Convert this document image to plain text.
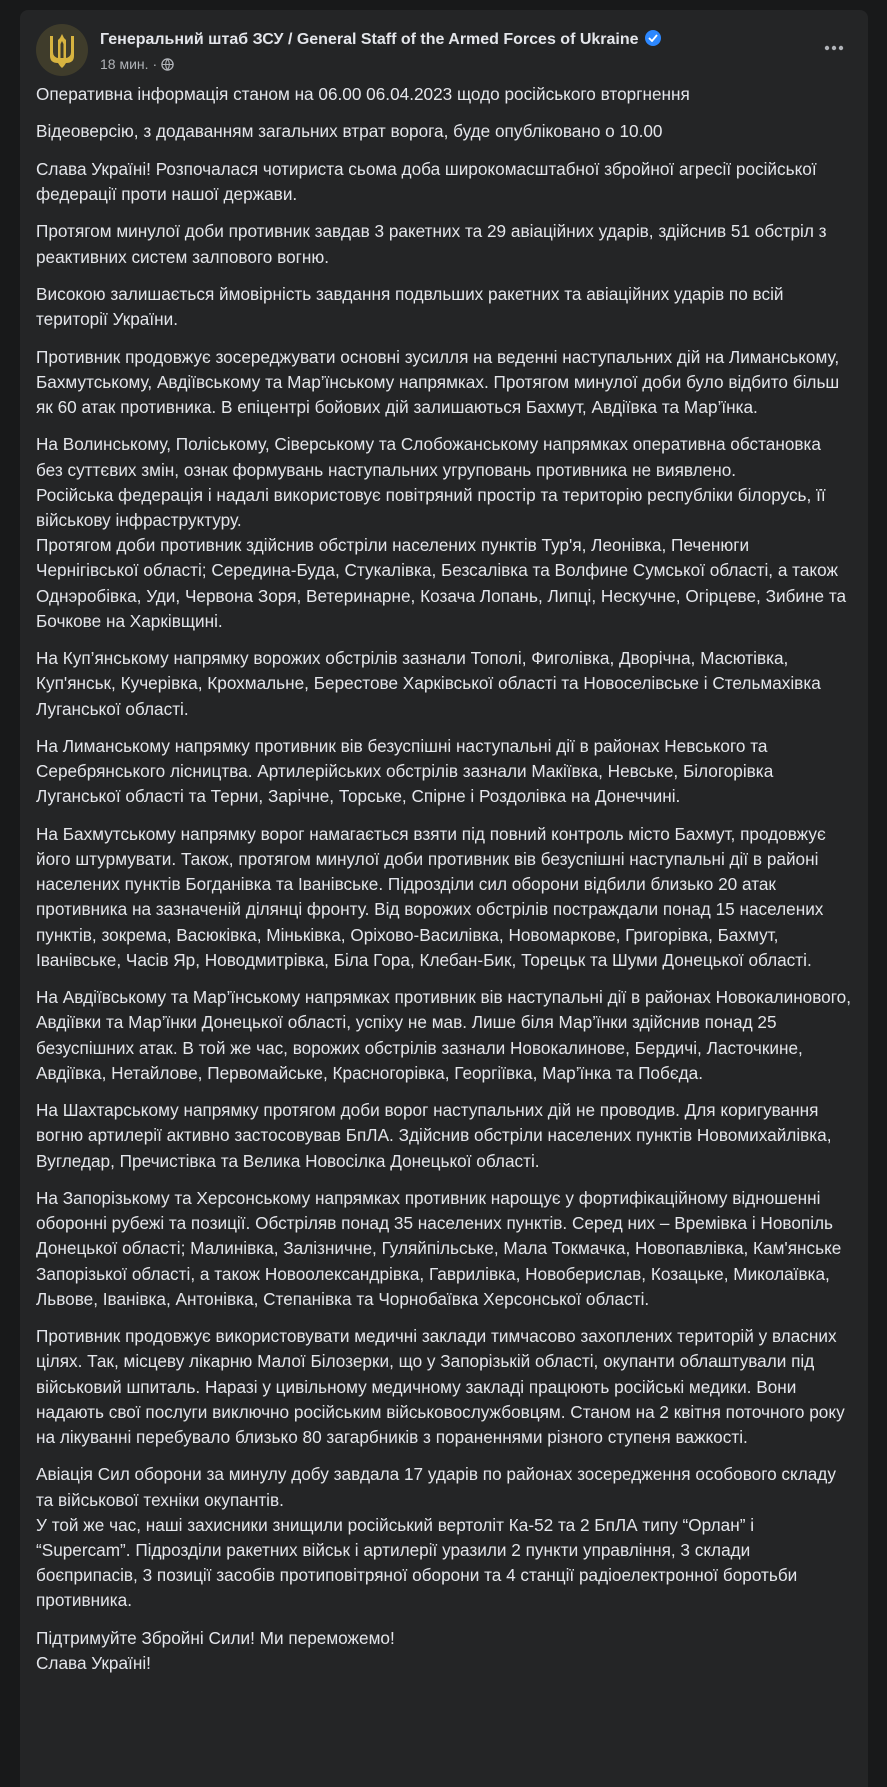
Генеральний штаб ЗСУ / General Staff of the Armed Forces of Ukraine
18 мин. ·

Оперативна інформація станом на 06.00 06.04.2023 щодо російського вторгнення

Відеоверсію, з додаванням загальних втрат ворога, буде опубліковано о 10.00

Слава Україні! Розпочалася чотириста сьома доба широкомасштабної збройної агресії російської федерації проти нашої держави.

Протягом минулої доби противник завдав 3 ракетних та 29 авіаційних ударів, здійснив 51 обстріл з реактивних систем залпового вогню.

Високою залишається ймовірність завдання подвльших ракетних та авіаційних ударів по всій території України.

Противник продовжує зосереджувати основні зусилля на веденні наступальних дій на Лиманському, Бахмутському, Авдіївському та Мар’їнському напрямках. Протягом минулої доби було відбито більш як 60 атак противника. В епіцентрі бойових дій залишаються Бахмут, Авдіївка та Мар’їнка.

На Волинському, Поліському, Сіверському та Слобожанському напрямках оперативна обстановка без суттєвих змін, ознак формувань наступальних угруповань противника не виявлено.

Російська федерація і надалі використовує повітряний простір та територію республіки білорусь, її військову інфраструктуру.

Протягом доби противник здійснив обстріли населених пунктів Тур'я, Леонівка, Печенюги Чернігівської області; Середина-Буда, Стукалівка, Безсалівка та Волфине Сумської області, а також Однэробівка, Уди, Червона Зоря, Ветеринарне, Козача Лопань, Липці, Нескучне, Огірцеве, Зибине та Бочкове на Харківщині.

На Куп’янському напрямку ворожих обстрілів зазнали Тополі, Фиголівка, Дворічна, Масютівка, Куп'янськ, Кучерівка, Крохмальне, Берестове Харківської області та Новоселівське і Стельмахівка Луганської області.

На Лиманському напрямку противник вів безуспішні наступальні дії в районах Невського та Серебрянського лісництва. Артилерійських обстрілів зазнали Макіївка, Невське, Білогорівка Луганської області та Терни, Зарічне, Торське, Спірне і Роздолівка на Донеччині.

На Бахмутському напрямку ворог намагається взяти під повний контроль місто Бахмут, продовжує його штурмувати. Також, протягом минулої доби противник вів безуспішні наступальні дії в районі населених пунктів Богданівка та Іванівське. Підрозділи сил оборони відбили близько 20 атак противника на зазначеній ділянці фронту. Від ворожих обстрілів постраждали понад 15 населених пунктів, зокрема, Васюківка, Міньківка, Оріхово-Василівка, Новомаркове, Григорівка, Бахмут, Іванівське, Часів Яр, Новодмитрівка, Біла Гора, Клебан-Бик, Торецьк та Шуми Донецької області.

На Авдіївському та Мар’їнському напрямках противник вів наступальні дії в районах Новокалинового, Авдіївки та Мар’їнки Донецької області, успіху не мав. Лише біля Мар’їнки здійснив понад 25 безуспішних атак. В той же час, ворожих обстрілів зазнали Новокалинове, Бердичі, Ласточкине, Авдіївка, Нетайлове, Первомайське, Красногорівка, Георгіївка, Мар’їнка та Побєда.

На Шахтарському напрямку протягом доби ворог наступальних дій не проводив. Для коригування вогню артилерії активно застосовував БпЛА. Здійснив обстріли населених пунктів Новомихайлівка, Вугледар, Пречистівка та Велика Новосілка Донецької області.

На Запорізькому та Херсонському напрямках противник нарощує у фортифікаційному відношенні оборонні рубежі та позиції. Обстріляв понад 35 населених пунктів. Серед них – Времівка і Новопіль Донецької області; Малинівка, Залізничне, Гуляйпільське, Мала Токмачка, Новопавлівка, Кам'янське Запорізької області, а також Новоолександрівка, Гаврилівка, Новоберислав, Козацьке, Миколаївка, Львове, Іванівка, Антонівка, Степанівка та Чорнобаївка Херсонської області.

Противник продовжує використовувати медичні заклади тимчасово захоплених територій у власних цілях. Так, місцеву лікарню Малої Білозерки, що у Запорізькій області, окупанти облаштували під військовий шпиталь. Наразі у цивільному медичному закладі працюють російські медики. Вони надають свої послуги виключно російським військовослужбовцям. Станом на 2 квітня поточного року на лікуванні перебувало близько 80 загарбників з пораненнями різного ступеня важкості.

Авіація Сил оборони за минулу добу завдала 17 ударів по районах зосередження особового складу та військової техніки окупантів.

У той же час, наші захисники знищили російський вертоліт Ка-52 та 2 БпЛА типу “Орлан” і “Supercam”. Підрозділи ракетних військ і артилерії уразили 2 пункти управління, 3 склади боєприпасів, 3 позиції засобів протиповітряної оборони та 4 станції радіоелектронної боротьби противника.

Підтримуйте Збройні Сили! Ми переможемо!

Слава Україні!
